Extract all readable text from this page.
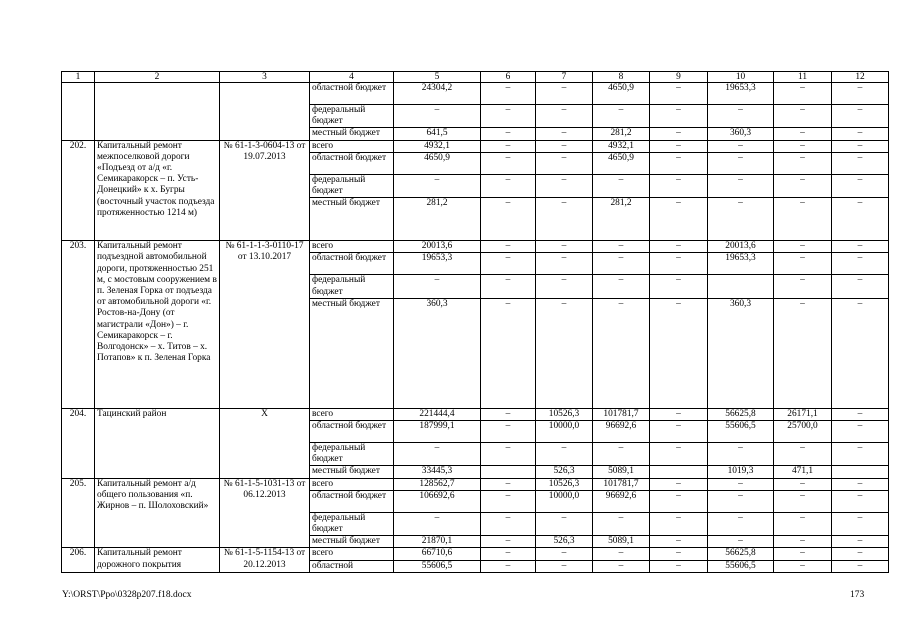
1	2	3	4	5	6	7	8	9	10	11	12
			областной бюджет	24304,2	–	–	4650,9	–	19653,3	–	–
			федеральный бюджет	–	–	–	–	–	–	–	–
			местный бюджет	641,5	–	–	281,2	–	360,3	–	–
202.	Капитальный ремонт межпоселковой дороги «Подъезд от а/д «г. Семикаракорск – п. Усть-Донецкий» к х. Бугры (восточный участок подъезда протяженностью 1214 м)	№ 61-1-3-0604-13 от 19.07.2013	всего	4932,1	–	–	4932,1	–	–	–	–
			областной бюджет	4650,9	–	–	4650,9	–	–	–	–
			федеральный бюджет	–	–	–	–	–	–	–	–
			местный бюджет	281,2	–	–	281,2	–	–	–	–
203.	Капитальный ремонт подъездной автомобильной дороги, протяженностью 251 м, с мостовым сооружением в п. Зеленая Горка от подъезда от автомобильной дороги «г. Ростов-на-Дону (от магистрали «Дон») – г. Семикаракорск – г. Волгодонск» – х. Титов – х. Потапов» к п. Зеленая Горка	№ 61-1-1-3-0110-17 от 13.10.2017	всего	20013,6	–	–	–	–	20013,6	–	–
			областной бюджет	19653,3	–	–	–	–	19653,3	–	–
			федеральный бюджет	–	–	–	–	–		–	–
			местный бюджет	360,3	–	–	–	–	360,3	–	–
204.	Тацинский район	Х	всего	221444,4	–	10526,3	101781,7	–	56625,8	26171,1	–
			областной бюджет	187999,1	–	10000,0	96692,6	–	55606,5	25700,0	–
			федеральный бюджет	–	–	–	–	–	–	–	–
			местный бюджет	33445,3		526,3	5089,1		1019,3	471,1	
205.	Капитальный ремонт а/д общего пользования «п. Жирнов – п. Шолоховский»	№ 61-1-5-1031-13 от 06.12.2013	всего	128562,7	–	10526,3	101781,7	–	–	–	–
			областной бюджет	106692,6	–	10000,0	96692,6	–	–	–	–
			федеральный бюджет	–	–	–	–	–	–	–	–
			местный бюджет	21870,1	–	526,3	5089,1	–	–	–	–
206.	Капитальный ремонт дорожного покрытия	№ 61-1-5-1154-13 от 20.12.2013	всего	66710,6	–	–	–	–	56625,8	–	–
			областной	55606,5	–	–	–	–	55606,5	–	–
Y:\ORST\Ppo\0328p207.f18.docx	173
